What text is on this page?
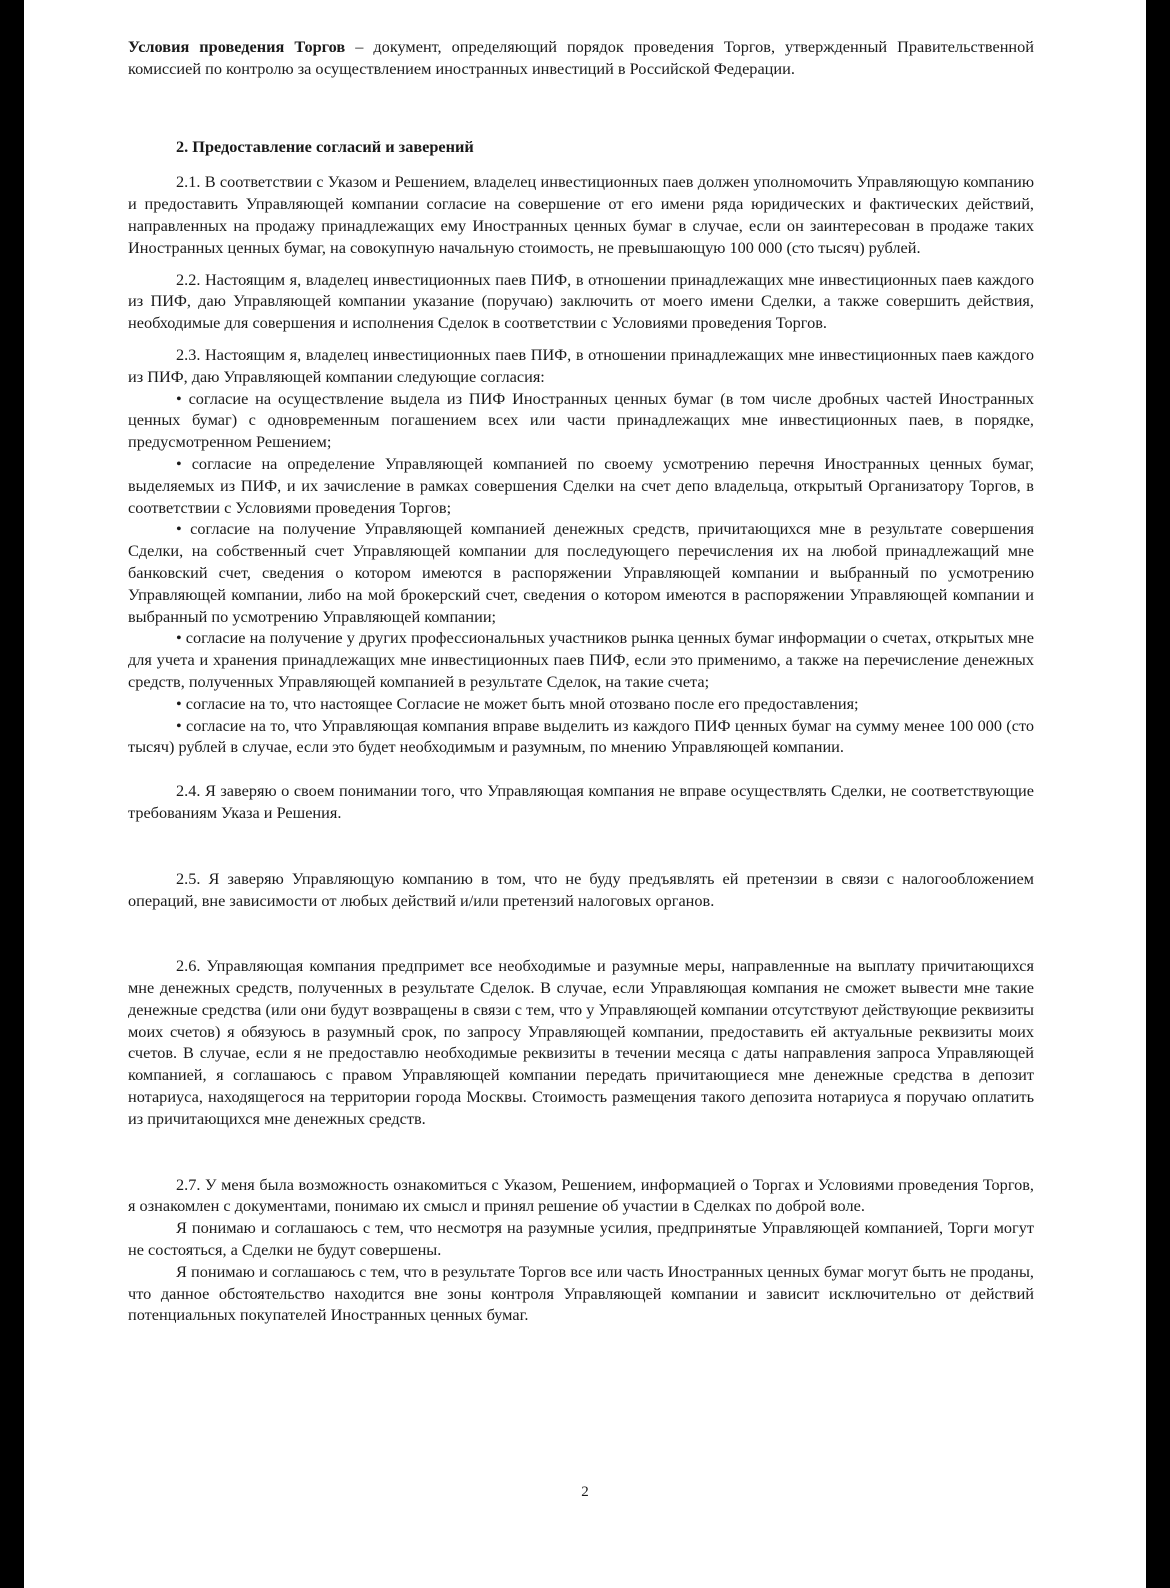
Условия проведения Торгов – документ, определяющий порядок проведения Торгов, утвержденный Правительственной комиссией по контролю за осуществлением иностранных инвестиций в Российской Федерации.

2. Предоставление согласий и заверений

2.1. В соответствии с Указом и Решением, владелец инвестиционных паев должен уполномочить Управляющую компанию и предоставить Управляющей компании согласие на совершение от его имени ряда юридических и фактических действий, направленных на продажу принадлежащих ему Иностранных ценных бумаг в случае, если он заинтересован в продаже таких Иностранных ценных бумаг, на совокупную начальную стоимость, не превышающую 100 000 (сто тысяч) рублей.

2.2. Настоящим я, владелец инвестиционных паев ПИФ, в отношении принадлежащих мне инвестиционных паев каждого из ПИФ, даю Управляющей компании указание (поручаю) заключить от моего имени Сделки, а также совершить действия, необходимые для совершения и исполнения Сделок в соответствии с Условиями проведения Торгов.

2.3. Настоящим я, владелец инвестиционных паев ПИФ, в отношении принадлежащих мне инвестиционных паев каждого из ПИФ, даю Управляющей компании следующие согласия:

• согласие на осуществление выдела из ПИФ Иностранных ценных бумаг (в том числе дробных частей Иностранных ценных бумаг) с одновременным погашением всех или части принадлежащих мне инвестиционных паев, в порядке, предусмотренном Решением;

• согласие на определение Управляющей компанией по своему усмотрению перечня Иностранных ценных бумаг, выделяемых из ПИФ, и их зачисление в рамках совершения Сделки на счет депо владельца, открытый Организатору Торгов, в соответствии с Условиями проведения Торгов;

• согласие на получение Управляющей компанией денежных средств, причитающихся мне в результате совершения Сделки, на собственный счет Управляющей компании для последующего перечисления их на любой принадлежащий мне банковский счет, сведения о котором имеются в распоряжении Управляющей компании и выбранный по усмотрению Управляющей компании, либо на мой брокерский счет, сведения о котором имеются в распоряжении Управляющей компании и выбранный по усмотрению Управляющей компании;

• согласие на получение у других профессиональных участников рынка ценных бумаг информации о счетах, открытых мне для учета и хранения принадлежащих мне инвестиционных паев ПИФ, если это применимо, а также на перечисление денежных средств, полученных Управляющей компанией в результате Сделок, на такие счета;

• согласие на то, что настоящее Согласие не может быть мной отозвано после его предоставления;

• согласие на то, что Управляющая компания вправе выделить из каждого ПИФ ценных бумаг на сумму менее 100 000 (сто тысяч) рублей в случае, если это будет необходимым и разумным, по мнению Управляющей компании.

2.4. Я заверяю о своем понимании того, что Управляющая компания не вправе осуществлять Сделки, не соответствующие требованиям Указа и Решения.

2.5. Я заверяю Управляющую компанию в том, что не буду предъявлять ей претензии в связи с налогообложением операций, вне зависимости от любых действий и/или претензий налоговых органов.

2.6. Управляющая компания предпримет все необходимые и разумные меры, направленные на выплату причитающихся мне денежных средств, полученных в результате Сделок. В случае, если Управляющая компания не сможет вывести мне такие денежные средства (или они будут возвращены в связи с тем, что у Управляющей компании отсутствуют действующие реквизиты моих счетов) я обязуюсь в разумный срок, по запросу Управляющей компании, предоставить ей актуальные реквизиты моих счетов. В случае, если я не предоставлю необходимые реквизиты в течении месяца с даты направления запроса Управляющей компанией, я соглашаюсь с правом Управляющей компании передать причитающиеся мне денежные средства в депозит нотариуса, находящегося на территории города Москвы. Стоимость размещения такого депозита нотариуса я поручаю оплатить из причитающихся мне денежных средств.

2.7. У меня была возможность ознакомиться с Указом, Решением, информацией о Торгах и Условиями проведения Торгов, я ознакомлен с документами, понимаю их смысл и принял решение об участии в Сделках по доброй воле.

Я понимаю и соглашаюсь с тем, что несмотря на разумные усилия, предпринятые Управляющей компанией, Торги могут не состояться, а Сделки не будут совершены.

Я понимаю и соглашаюсь с тем, что в результате Торгов все или часть Иностранных ценных бумаг могут быть не проданы, что данное обстоятельство находится вне зоны контроля Управляющей компании и зависит исключительно от действий потенциальных покупателей Иностранных ценных бумаг.

2
